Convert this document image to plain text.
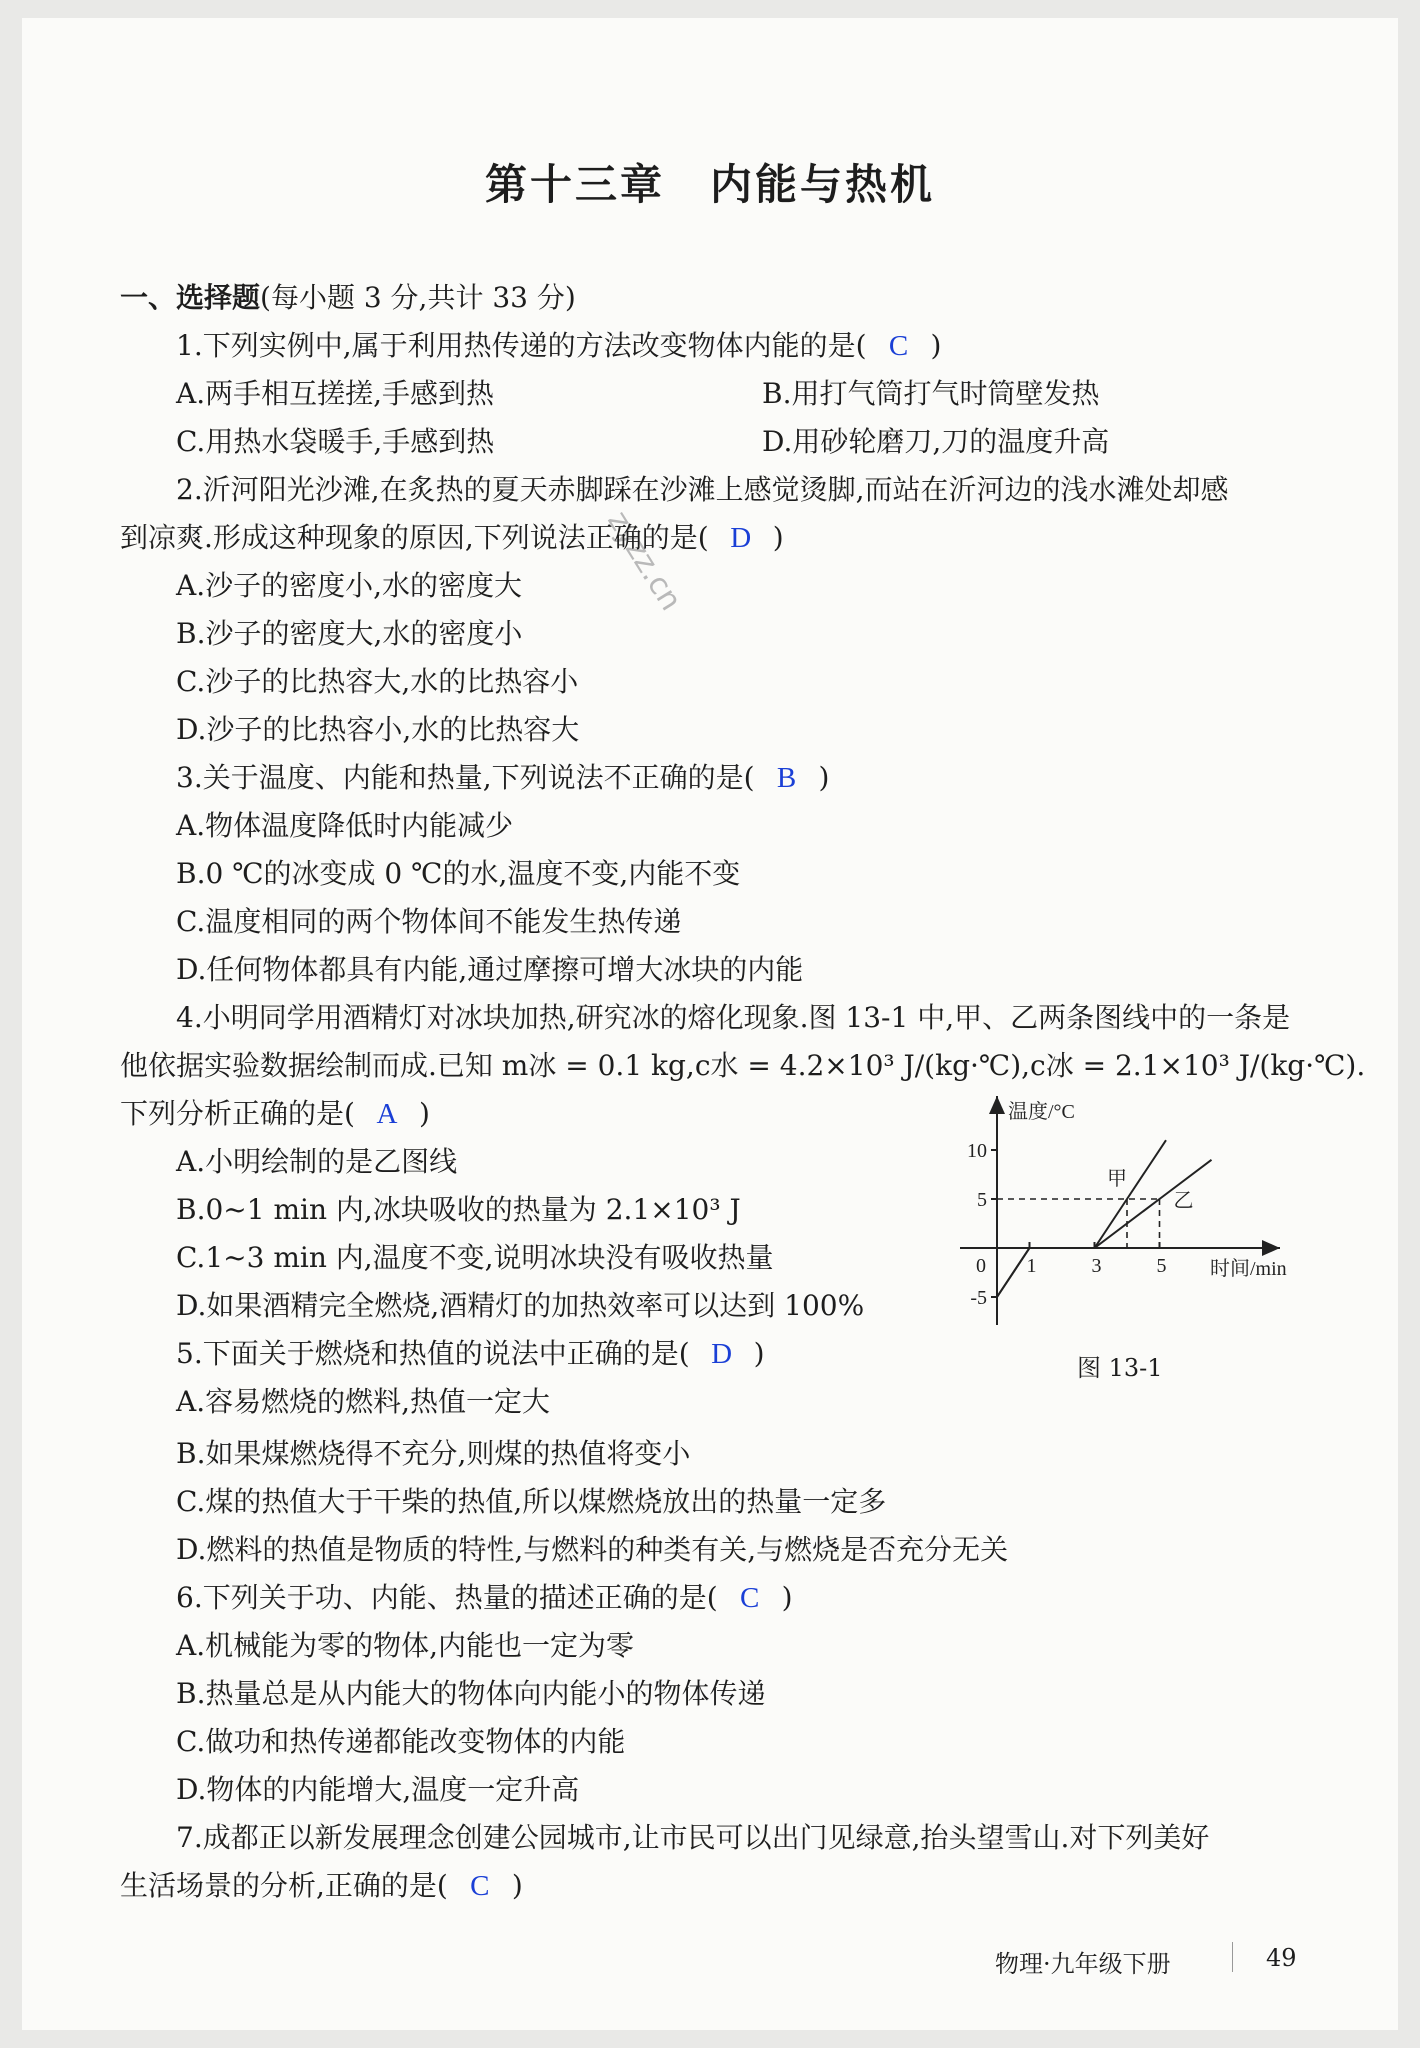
第十三章　内能与热机
zyzz.cn
一、选择题(每小题 3 分,共计 33 分)
1.下列实例中,属于利用热传递的方法改变物体内能的是( C )
A.两手相互搓搓,手感到热	B.用打气筒打气时筒壁发热
C.用热水袋暖手,手感到热	D.用砂轮磨刀,刀的温度升高
2.沂河阳光沙滩,在炙热的夏天赤脚踩在沙滩上感觉烫脚,而站在沂河边的浅水滩处却感
到凉爽.形成这种现象的原因,下列说法正确的是( D )
A.沙子的密度小,水的密度大
B.沙子的密度大,水的密度小
C.沙子的比热容大,水的比热容小
D.沙子的比热容小,水的比热容大
3.关于温度、内能和热量,下列说法不正确的是( B )
A.物体温度降低时内能减少
B.0 ℃的冰变成 0 ℃的水,温度不变,内能不变
C.温度相同的两个物体间不能发生热传递
D.任何物体都具有内能,通过摩擦可增大冰块的内能
4.小明同学用酒精灯对冰块加热,研究冰的熔化现象.图 13-1 中,甲、乙两条图线中的一条是
他依据实验数据绘制而成.已知 m冰 = 0.1 kg,c水 = 4.2×10³ J/(kg·℃),c冰 = 2.1×10³ J/(kg·℃).
下列分析正确的是( A )
A.小明绘制的是乙图线
B.0~1 min 内,冰块吸收的热量为 2.1×10³ J
C.1~3 min 内,温度不变,说明冰块没有吸收热量
D.如果酒精完全燃烧,酒精灯的加热效率可以达到 100%
10
5
-5
1	3	5
甲
乙
温度/°C
时间/min
0
图 13-1
5.下面关于燃烧和热值的说法中正确的是( D )
A.容易燃烧的燃料,热值一定大
B.如果煤燃烧得不充分,则煤的热值将变小
C.煤的热值大于干柴的热值,所以煤燃烧放出的热量一定多
D.燃料的热值是物质的特性,与燃料的种类有关,与燃烧是否充分无关
6.下列关于功、内能、热量的描述正确的是( C )
A.机械能为零的物体,内能也一定为零
B.热量总是从内能大的物体向内能小的物体传递
C.做功和热传递都能改变物体的内能
D.物体的内能增大,温度一定升高
7.成都正以新发展理念创建公园城市,让市民可以出门见绿意,抬头望雪山.对下列美好
生活场景的分析,正确的是( C )
物理·九年级下册	49
